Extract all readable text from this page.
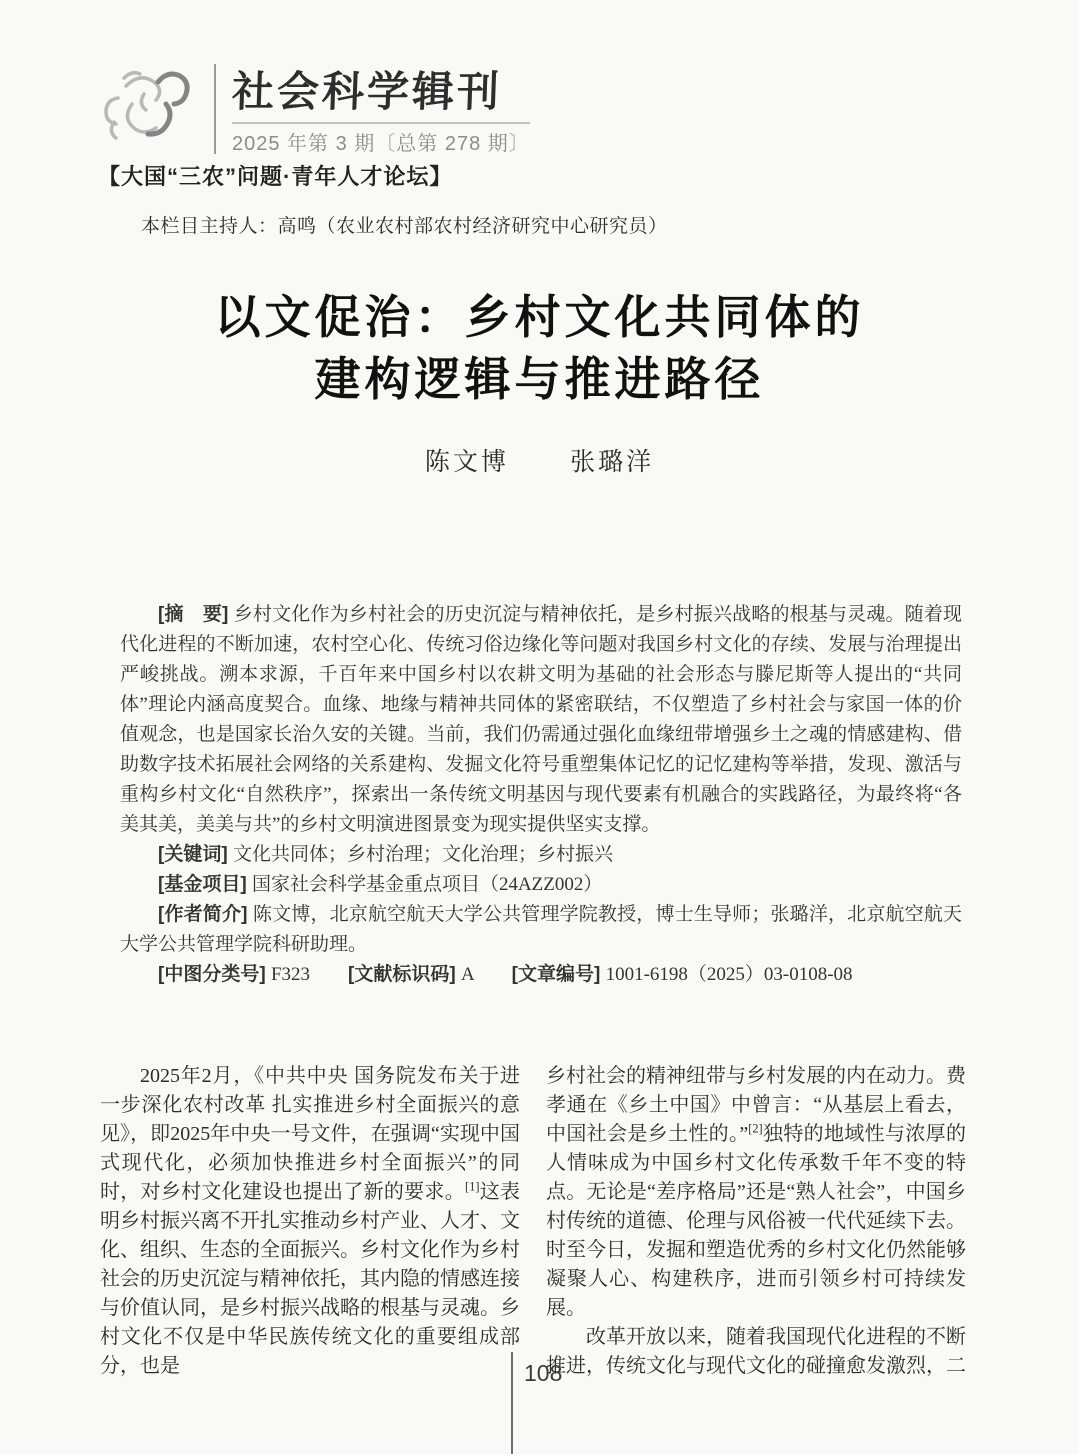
社会科学辑刊
2025 年第 3 期〔总第 278 期〕
【大国“三农”问题·青年人才论坛】
本栏目主持人：高鸣（农业农村部农村经济研究中心研究员）
以文促治：乡村文化共同体的
建构逻辑与推进路径
陈文博 张璐洋

[摘　要] 乡村文化作为乡村社会的历史沉淀与精神依托，是乡村振兴战略的根基与灵魂。随着现代化进程的不断加速，农村空心化、传统习俗边缘化等问题对我国乡村文化的存续、发展与治理提出严峻挑战。溯本求源，千百年来中国乡村以农耕文明为基础的社会形态与滕尼斯等人提出的“共同体”理论内涵高度契合。血缘、地缘与精神共同体的紧密联结，不仅塑造了乡村社会与家国一体的价值观念，也是国家长治久安的关键。当前，我们仍需通过强化血缘纽带增强乡土之魂的情感建构、借助数字技术拓展社会网络的关系建构、发掘文化符号重塑集体记忆的记忆建构等举措，发现、激活与重构乡村文化“自然秩序”，探索出一条传统文明基因与现代要素有机融合的实践路径，为最终将“各美其美，美美与共”的乡村文明演进图景变为现实提供坚实支撑。

[关键词] 文化共同体；乡村治理；文化治理；乡村振兴

[基金项目] 国家社会科学基金重点项目（24AZZ002）

[作者简介] 陈文博，北京航空航天大学公共管理学院教授，博士生导师；张璐洋，北京航空航天大学公共管理学院科研助理。

[中图分类号] F323　　[文献标识码] A　　[文章编号] 1001-6198（2025）03-0108-08

2025年2月，《中共中央 国务院发布关于进一步深化农村改革 扎实推进乡村全面振兴的意见》，即2025年中央一号文件，在强调“实现中国式现代化，必须加快推进乡村全面振兴”的同时，对乡村文化建设也提出了新的要求。[1]这表明乡村振兴离不开扎实推动乡村产业、人才、文化、组织、生态的全面振兴。乡村文化作为乡村社会的历史沉淀与精神依托，其内隐的情感连接与价值认同，是乡村振兴战略的根基与灵魂。乡村文化不仅是中华民族传统文化的重要组成部分，也是

乡村社会的精神纽带与乡村发展的内在动力。费孝通在《乡土中国》中曾言：“从基层上看去，中国社会是乡土性的。”[2]独特的地域性与浓厚的人情味成为中国乡村文化传承数千年不变的特点。无论是“差序格局”还是“熟人社会”，中国乡村传统的道德、伦理与风俗被一代代延续下去。时至今日，发掘和塑造优秀的乡村文化仍然能够凝聚人心、构建秩序，进而引领乡村可持续发展。

改革开放以来，随着我国现代化进程的不断推进，传统文化与现代文化的碰撞愈发激烈，二

108
